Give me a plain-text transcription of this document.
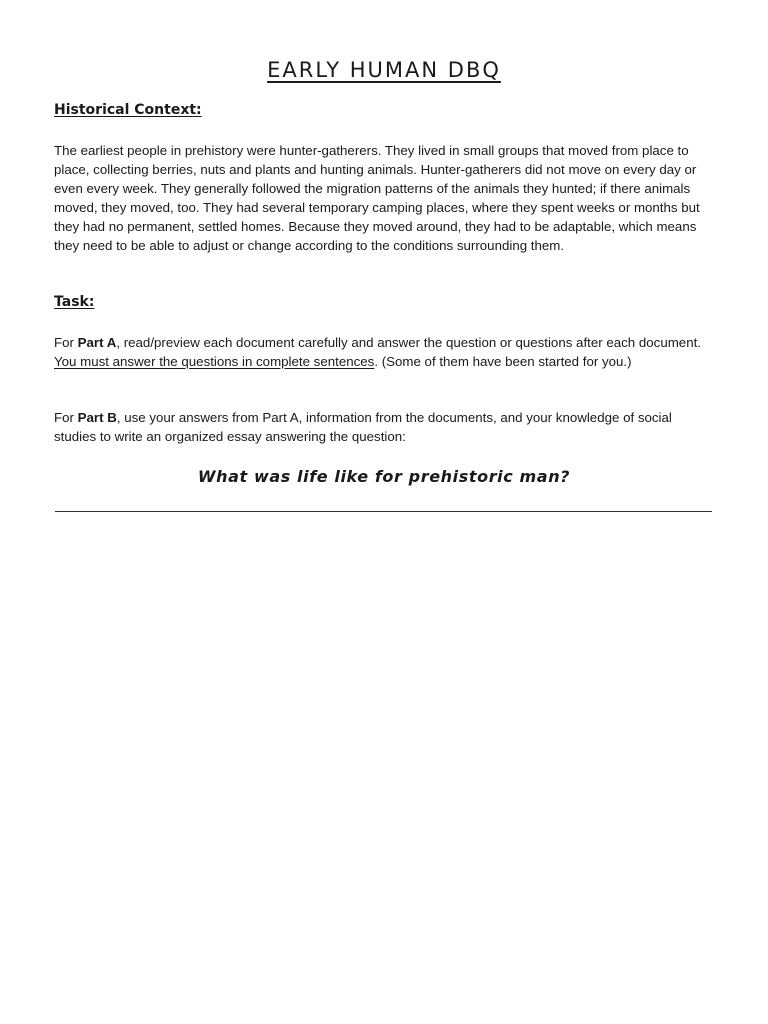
EARLY HUMAN DBQ
Historical Context:

The earliest people in prehistory were hunter-gatherers. They lived in small groups that moved from place to place, collecting berries, nuts and plants and hunting animals. Hunter-gatherers did not move on every day or even every week. They generally followed the migration patterns of the animals they hunted; if there animals moved, they moved, too. They had several temporary camping places, where they spent weeks or months but they had no permanent, settled homes. Because they moved around, they had to be adaptable, which means they need to be able to adjust or change according to the conditions surrounding them.

Task:

For Part A, read/preview each document carefully and answer the question or questions after each document. You must answer the questions in complete sentences. (Some of them have been started for you.)

For Part B, use your answers from Part A, information from the documents, and your knowledge of social studies to write an organized essay answering the question:

What was life like for prehistoric man?
